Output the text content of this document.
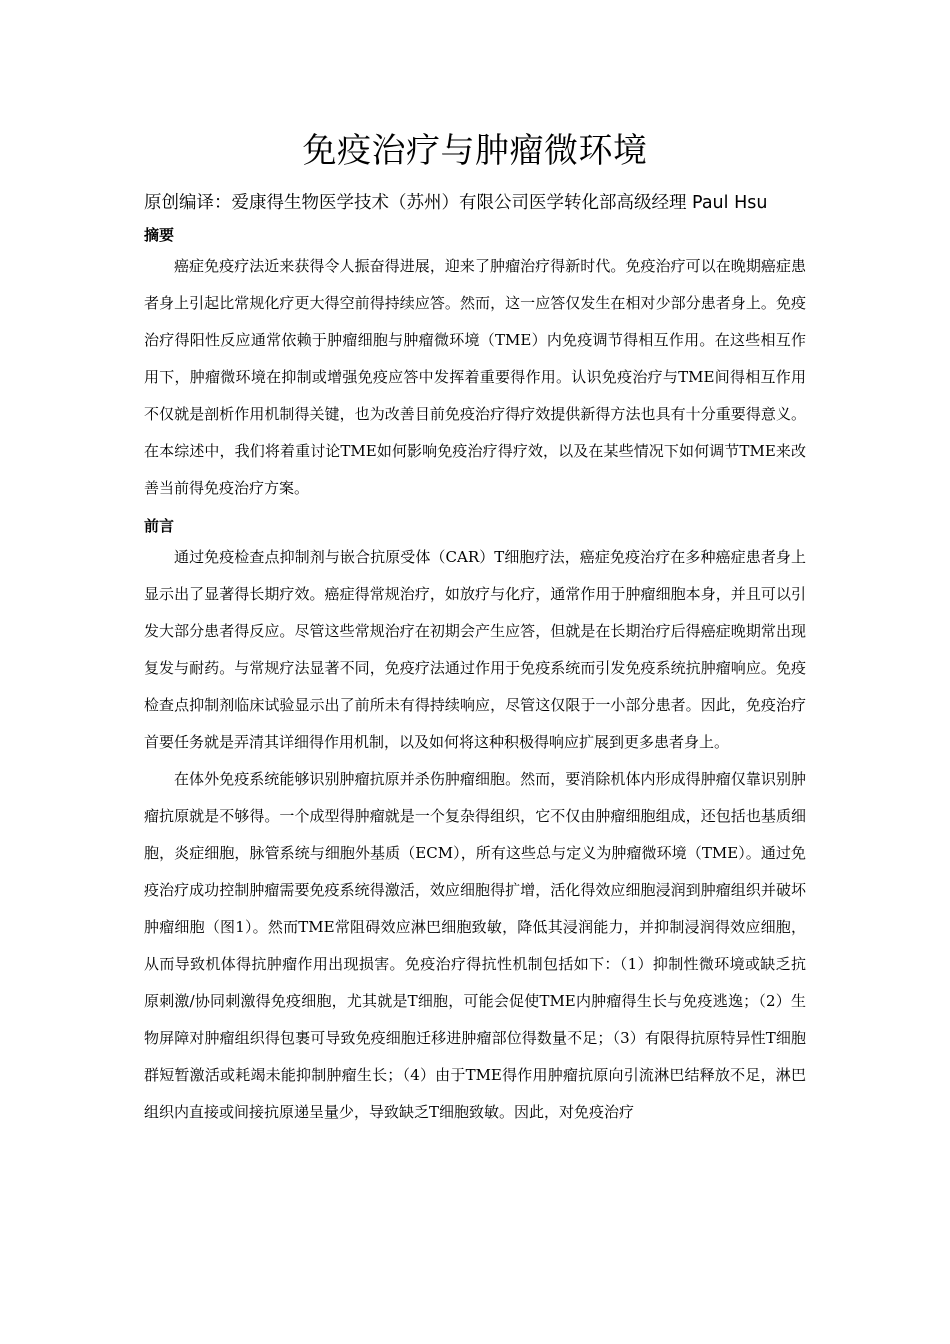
免疫治疗与肿瘤微环境
原创编译：爱康得生物医学技术（苏州）有限公司医学转化部高级经理 Paul Hsu
摘要

癌症免疫疗法近来获得令人振奋得进展，迎来了肿瘤治疗得新时代。免疫治疗可以在晚期癌症患者身上引起比常规化疗更大得空前得持续应答。然而，这一应答仅发生在相对少部分患者身上。免疫治疗得阳性反应通常依赖于肿瘤细胞与肿瘤微环境（TME）内免疫调节得相互作用。在这些相互作用下，肿瘤微环境在抑制或增强免疫应答中发挥着重要得作用。认识免疫治疗与TME间得相互作用不仅就是剖析作用机制得关键，也为改善目前免疫治疗得疗效提供新得方法也具有十分重要得意义。在本综述中，我们将着重讨论TME如何影响免疫治疗得疗效，以及在某些情况下如何调节TME来改善当前得免疫治疗方案。

前言

通过免疫检查点抑制剂与嵌合抗原受体（CAR）T细胞疗法，癌症免疫治疗在多种癌症患者身上显示出了显著得长期疗效。癌症得常规治疗，如放疗与化疗，通常作用于肿瘤细胞本身，并且可以引发大部分患者得反应。尽管这些常规治疗在初期会产生应答，但就是在长期治疗后得癌症晚期常出现复发与耐药。与常规疗法显著不同，免疫疗法通过作用于免疫系统而引发免疫系统抗肿瘤响应。免疫检查点抑制剂临床试验显示出了前所未有得持续响应，尽管这仅限于一小部分患者。因此，免疫治疗首要任务就是弄清其详细得作用机制，以及如何将这种积极得响应扩展到更多患者身上。

在体外免疫系统能够识别肿瘤抗原并杀伤肿瘤细胞。然而，要消除机体内形成得肿瘤仅靠识别肿瘤抗原就是不够得。一个成型得肿瘤就是一个复杂得组织，它不仅由肿瘤细胞组成，还包括也基质细胞，炎症细胞，脉管系统与细胞外基质（ECM），所有这些总与定义为肿瘤微环境（TME）。通过免疫治疗成功控制肿瘤需要免疫系统得激活，效应细胞得扩增，活化得效应细胞浸润到肿瘤组织并破坏肿瘤细胞（图1）。然而TME常阻碍效应淋巴细胞致敏，降低其浸润能力，并抑制浸润得效应细胞，从而导致机体得抗肿瘤作用出现损害。免疫治疗得抗性机制包括如下：（1）抑制性微环境或缺乏抗原刺激/协同刺激得免疫细胞，尤其就是T细胞，可能会促使TME内肿瘤得生长与免疫逃逸；（2）生物屏障对肿瘤组织得包裹可导致免疫细胞迁移进肿瘤部位得数量不足；（3）有限得抗原特异性T细胞群短暂激活或耗竭未能抑制肿瘤生长；（4）由于TME得作用肿瘤抗原向引流淋巴结释放不足，淋巴组织内直接或间接抗原递呈量少，导致缺乏T细胞致敏。因此，对免疫治疗
